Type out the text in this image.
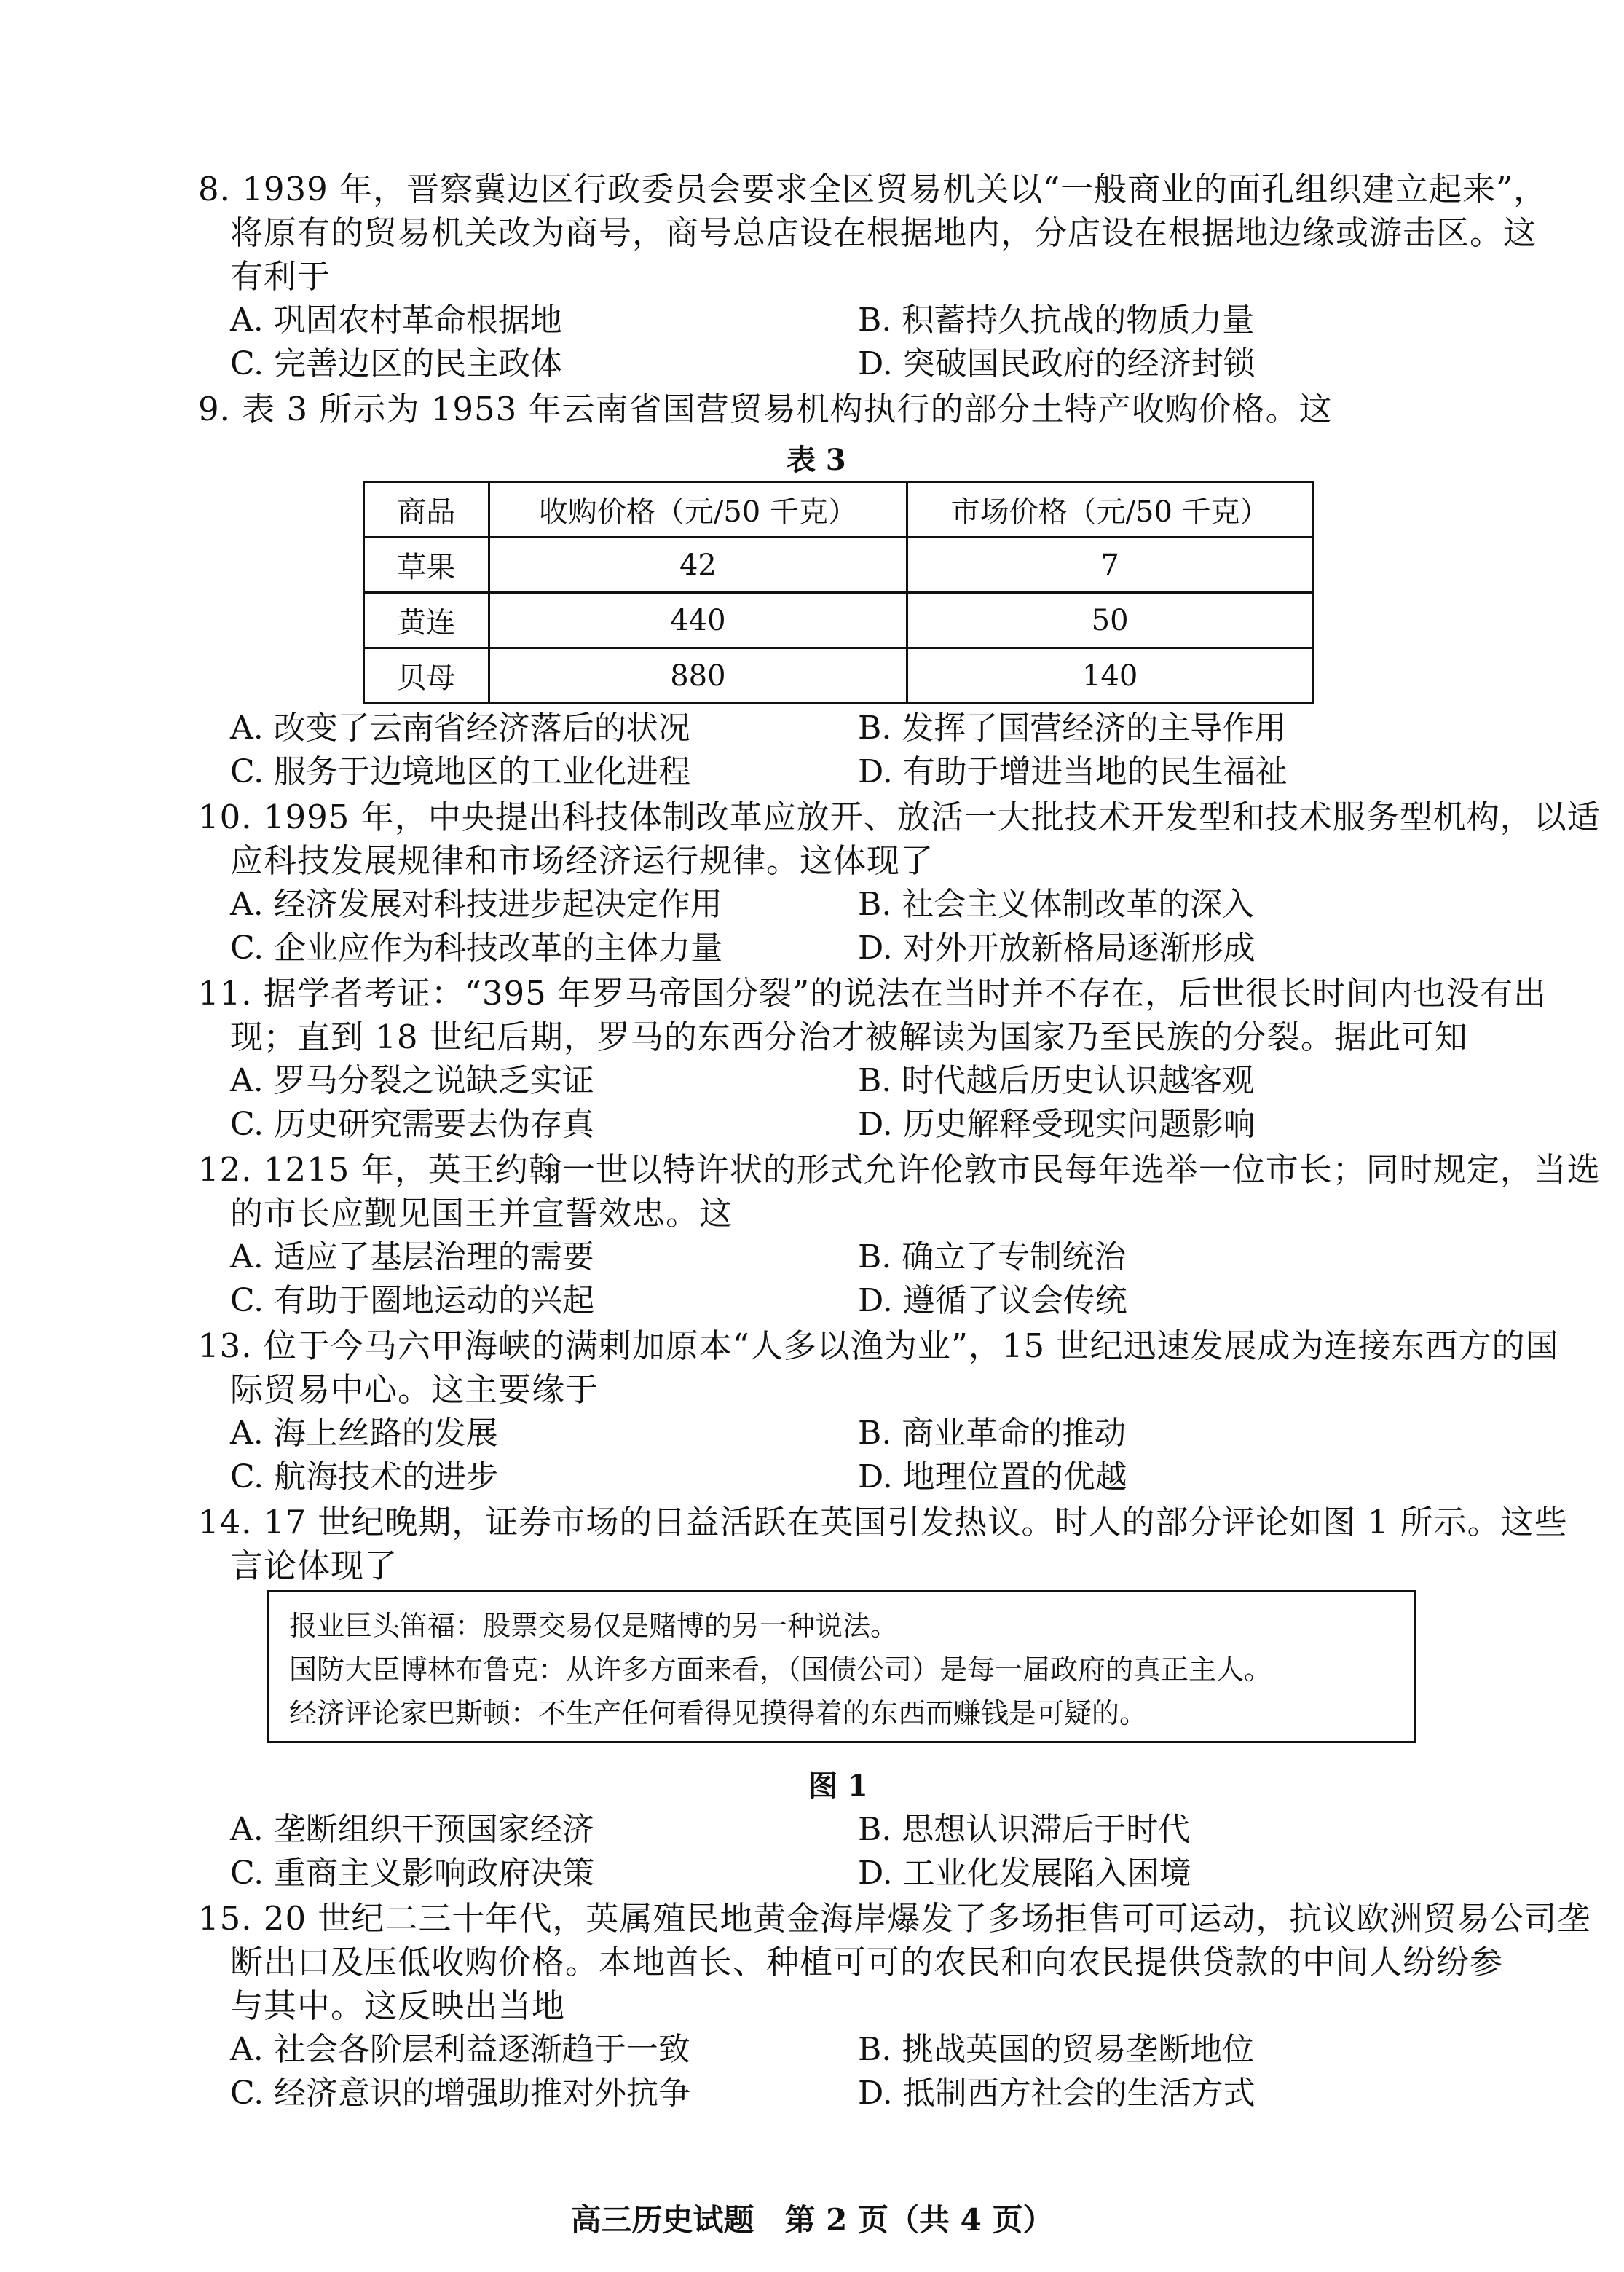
8. 1939 年，晋察冀边区行政委员会要求全区贸易机关以“一般商业的面孔组织建立起来”，
将原有的贸易机关改为商号，商号总店设在根据地内，分店设在根据地边缘或游击区。这
有利于
A. 巩固农村革命根据地	B. 积蓄持久抗战的物质力量
C. 完善边区的民主政体	D. 突破国民政府的经济封锁
9. 表 3 所示为 1953 年云南省国营贸易机构执行的部分土特产收购价格。这
表 3
商品	收购价格（元/50 千克）	市场价格（元/50 千克）
草果	42	7
黄连	440	50
贝母	880	140
A. 改变了云南省经济落后的状况	B. 发挥了国营经济的主导作用
C. 服务于边境地区的工业化进程	D. 有助于增进当地的民生福祉
10. 1995 年，中央提出科技体制改革应放开、放活一大批技术开发型和技术服务型机构，以适
应科技发展规律和市场经济运行规律。这体现了
A. 经济发展对科技进步起决定作用	B. 社会主义体制改革的深入
C. 企业应作为科技改革的主体力量	D. 对外开放新格局逐渐形成
11. 据学者考证：“395 年罗马帝国分裂”的说法在当时并不存在，后世很长时间内也没有出
现；直到 18 世纪后期，罗马的东西分治才被解读为国家乃至民族的分裂。据此可知
A. 罗马分裂之说缺乏实证	B. 时代越后历史认识越客观
C. 历史研究需要去伪存真	D. 历史解释受现实问题影响
12. 1215 年，英王约翰一世以特许状的形式允许伦敦市民每年选举一位市长；同时规定，当选
的市长应觐见国王并宣誓效忠。这
A. 适应了基层治理的需要	B. 确立了专制统治
C. 有助于圈地运动的兴起	D. 遵循了议会传统
13. 位于今马六甲海峡的满剌加原本“人多以渔为业”，15 世纪迅速发展成为连接东西方的国
际贸易中心。这主要缘于
A. 海上丝路的发展	B. 商业革命的推动
C. 航海技术的进步	D. 地理位置的优越
14. 17 世纪晚期，证券市场的日益活跃在英国引发热议。时人的部分评论如图 1 所示。这些
言论体现了
报业巨头笛福：股票交易仅是赌博的另一种说法。
国防大臣博林布鲁克：从许多方面来看，（国债公司）是每一届政府的真正主人。
经济评论家巴斯顿：不生产任何看得见摸得着的东西而赚钱是可疑的。
图 1
A. 垄断组织干预国家经济	B. 思想认识滞后于时代
C. 重商主义影响政府决策	D. 工业化发展陷入困境
15. 20 世纪二三十年代，英属殖民地黄金海岸爆发了多场拒售可可运动，抗议欧洲贸易公司垄
断出口及压低收购价格。本地酋长、种植可可的农民和向农民提供贷款的中间人纷纷参
与其中。这反映出当地
A. 社会各阶层利益逐渐趋于一致	B. 挑战英国的贸易垄断地位
C. 经济意识的增强助推对外抗争	D. 抵制西方社会的生活方式
高三历史试题　第 2 页（共 4 页）
